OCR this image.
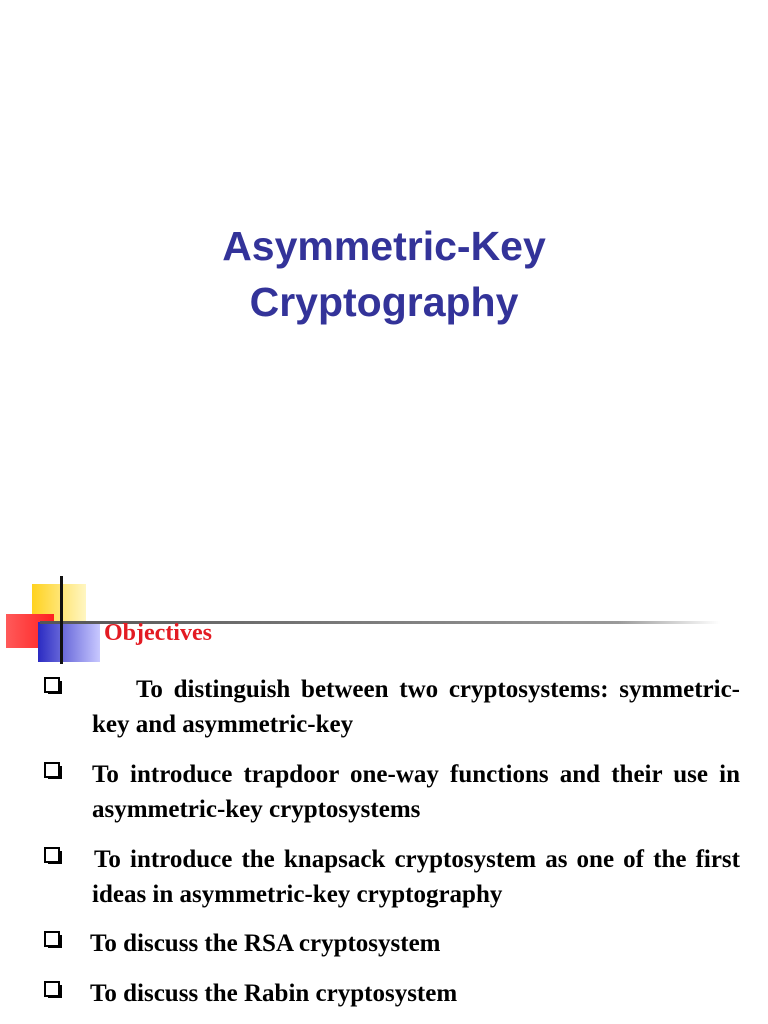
Asymmetric-Key
Cryptography
Objectives
To distinguish between two cryptosystems: symmetric-key and asymmetric-key
To introduce trapdoor one-way functions and their use in asymmetric-key cryptosystems
To introduce the knapsack cryptosystem as one of the first ideas in asymmetric-key cryptography
To discuss the RSA cryptosystem
To discuss the Rabin cryptosystem
